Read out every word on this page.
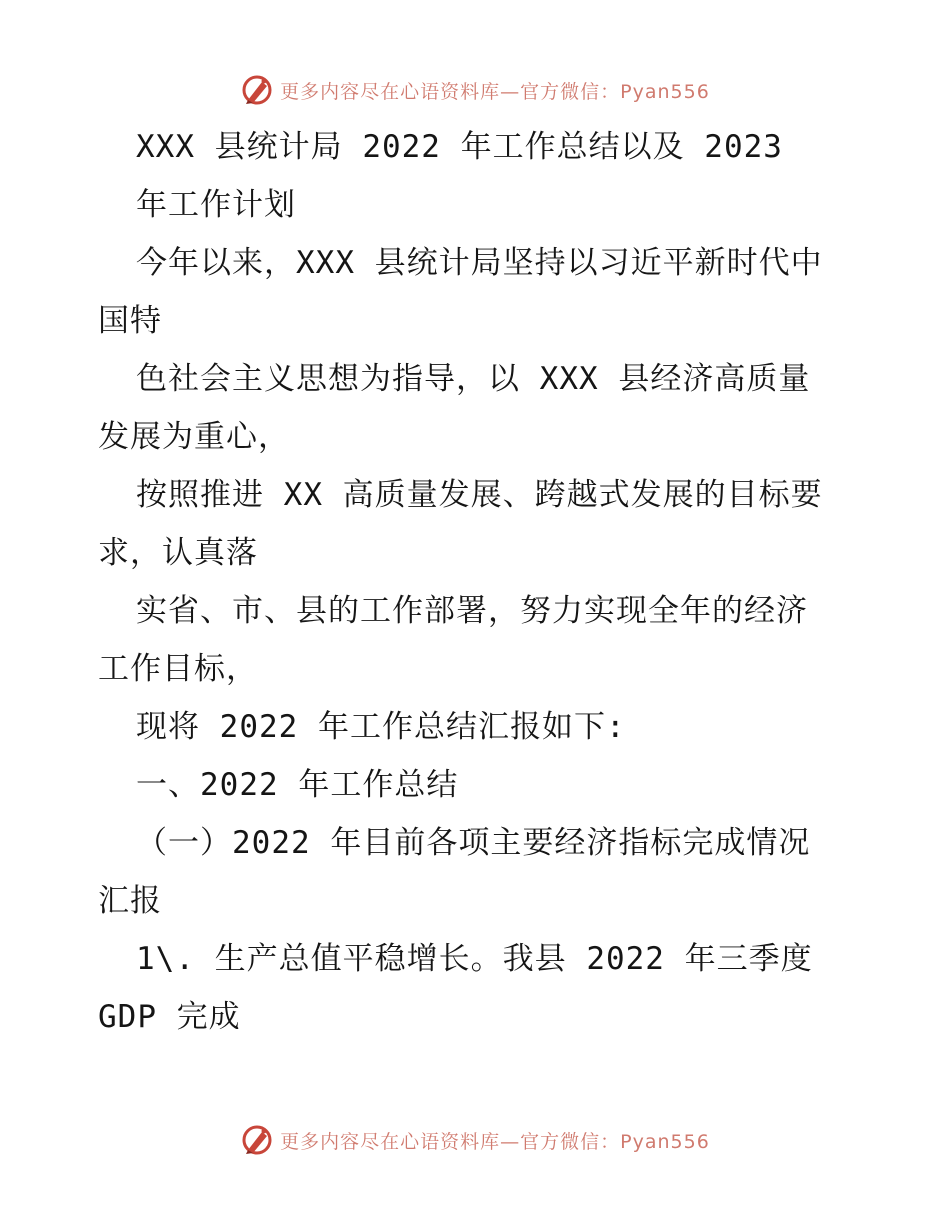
更多内容尽在心语资料库—官方微信：Pyan556
XXX 县统计局 2022 年工作总结以及 2023
年工作计划
今年以来，XXX 县统计局坚持以习近平新时代中
国特
色社会主义思想为指导，以 XXX 县经济高质量
发展为重心，
按照推进 XX 高质量发展、跨越式发展的目标要
求，认真落
实省、市、县的工作部署，努力实现全年的经济
工作目标，
现将 2022 年工作总结汇报如下:
一、2022 年工作总结
（一）2022 年目前各项主要经济指标完成情况
汇报
1\. 生产总值平稳增长。我县 2022 年三季度
GDP 完成
更多内容尽在心语资料库—官方微信：Pyan556
